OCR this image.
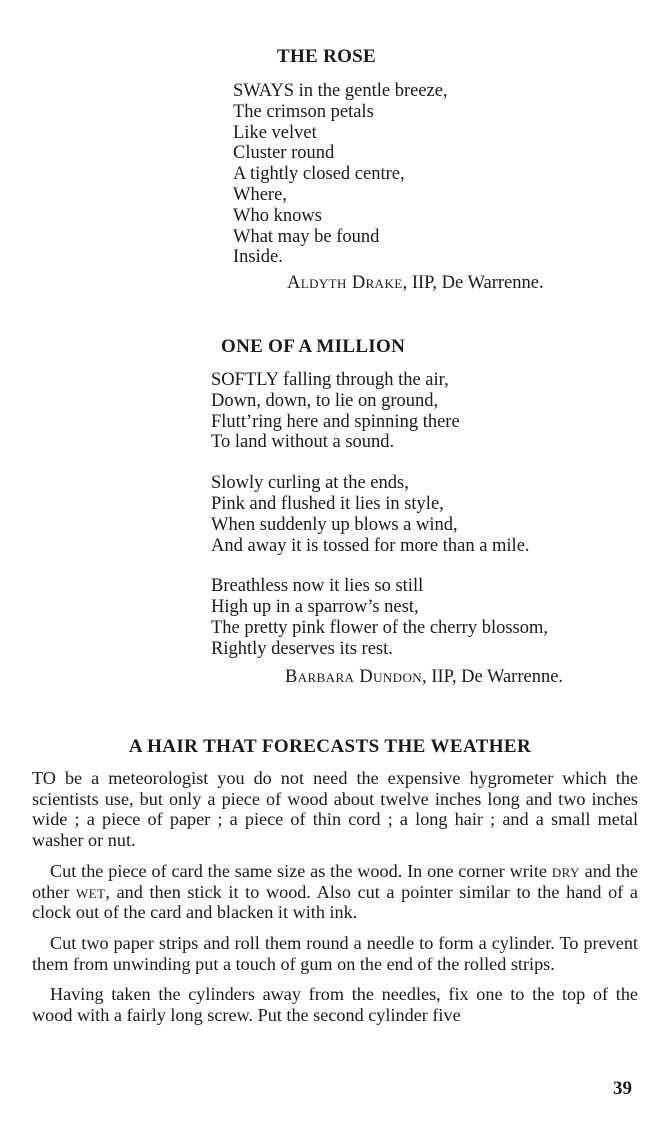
THE ROSE
SWAYS in the gentle breeze,
The crimson petals
Like velvet
Cluster round
A tightly closed centre,
Where,
Who knows
What may be found
Inside.
Aldyth Drake, IIP, De Warrenne.
ONE OF A MILLION
SOFTLY falling through the air,
Down, down, to lie on ground,
Flutt’ring here and spinning there
To land without a sound.
Slowly curling at the ends,
Pink and flushed it lies in style,
When suddenly up blows a wind,
And away it is tossed for more than a mile.
Breathless now it lies so still
High up in a sparrow’s nest,
The pretty pink flower of the cherry blossom,
Rightly deserves its rest.
Barbara Dundon, IIP, De Warrenne.
A HAIR THAT FORECASTS THE WEATHER

TO be a meteorologist you do not need the expensive hygrometer which the scientists use, but only a piece of wood about twelve inches long and two inches wide ; a piece of paper ; a piece of thin cord ; a long hair ; and a small metal washer or nut.

Cut the piece of card the same size as the wood. In one corner write dry and the other wet, and then stick it to wood. Also cut a pointer similar to the hand of a clock out of the card and blacken it with ink.

Cut two paper strips and roll them round a needle to form a cylinder. To prevent them from unwinding put a touch of gum on the end of the rolled strips.

Having taken the cylinders away from the needles, fix one to the top of the wood with a fairly long screw. Put the second cylinder five

39
